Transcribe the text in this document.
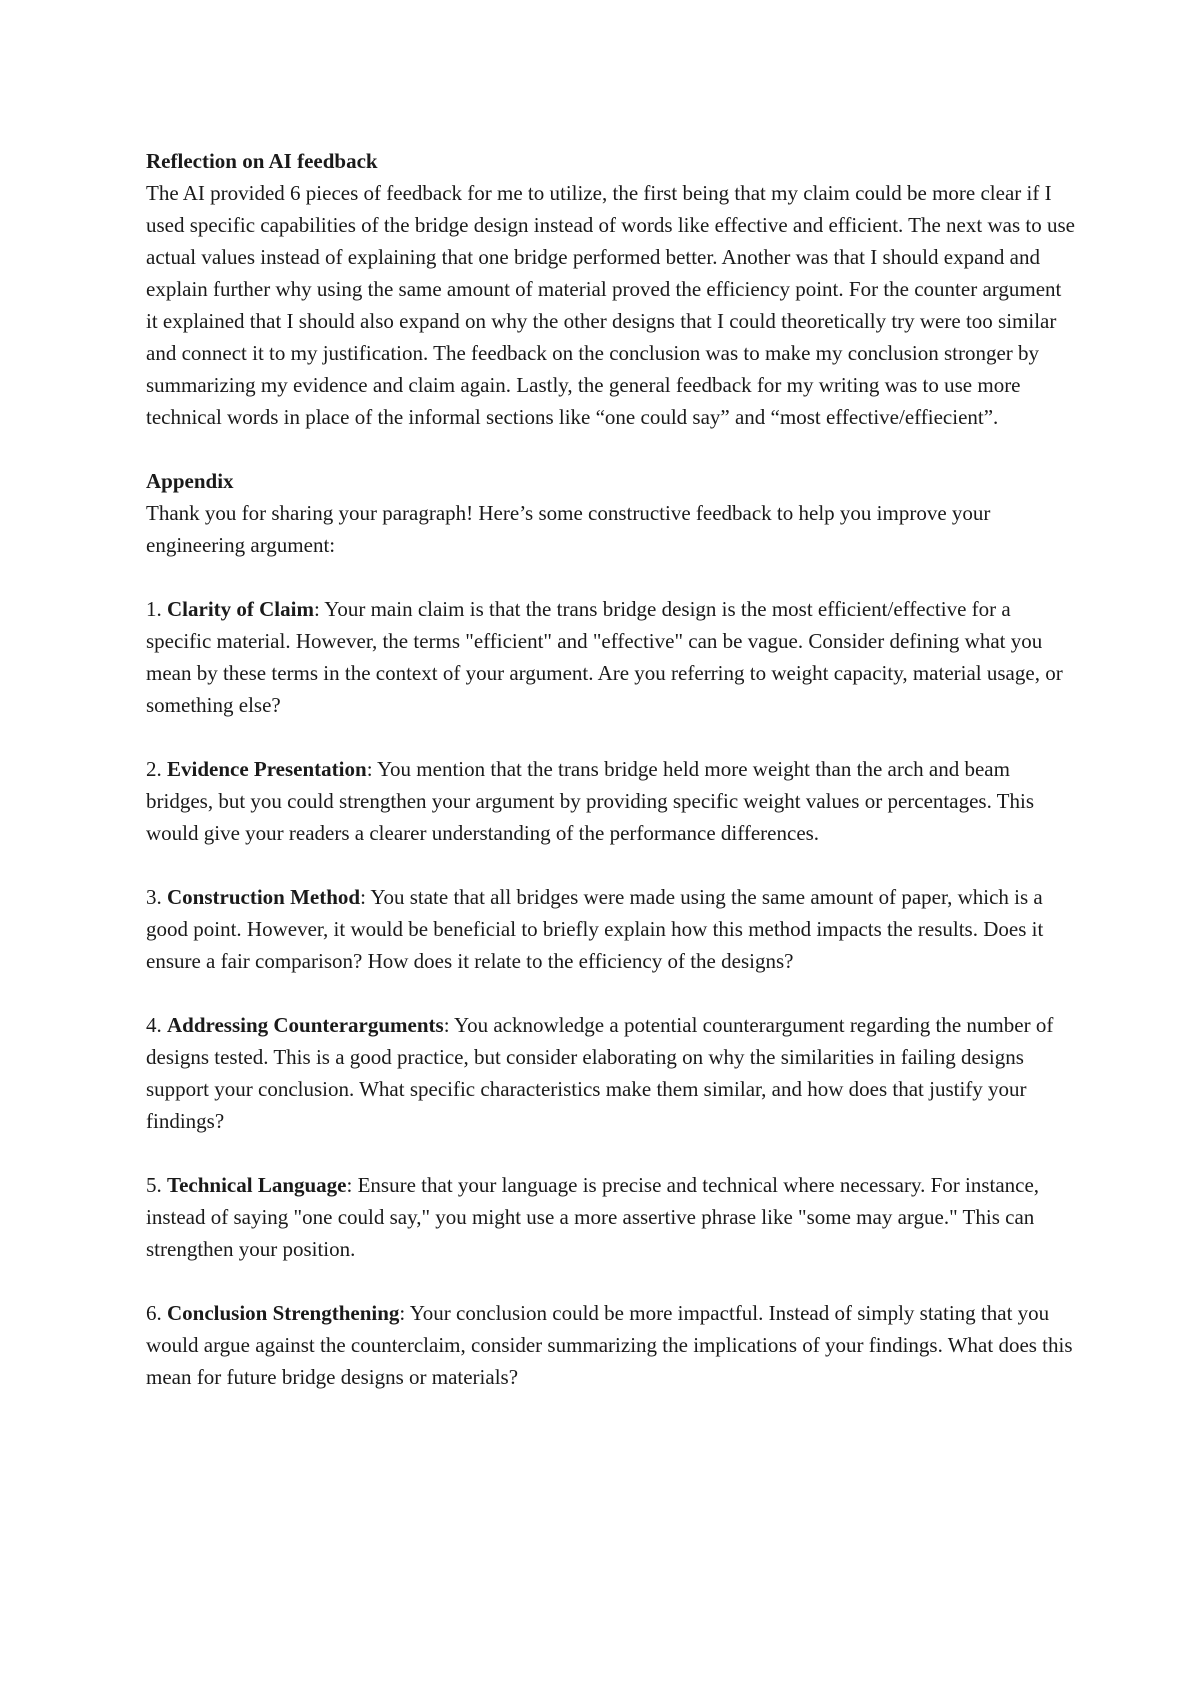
Reflection on AI feedback

The AI provided 6 pieces of feedback for me to utilize, the first being that my claim could be more clear if I used specific capabilities of the bridge design instead of words like effective and efficient. The next was to use actual values instead of explaining that one bridge performed better. Another was that I should expand and explain further why using the same amount of material proved the efficiency point. For the counter argument it explained that I should also expand on why the other designs that I could theoretically try were too similar and connect it to my justification. The feedback on the conclusion was to make my conclusion stronger by summarizing my evidence and claim again. Lastly, the general feedback for my writing was to use more technical words in place of the informal sections like “one could say” and “most effective/effiecient”.

Appendix

Thank you for sharing your paragraph! Here’s some constructive feedback to help you improve your engineering argument:

1. Clarity of Claim: Your main claim is that the trans bridge design is the most efficient/effective for a specific material. However, the terms "efficient" and "effective" can be vague. Consider defining what you mean by these terms in the context of your argument. Are you referring to weight capacity, material usage, or something else?

2. Evidence Presentation: You mention that the trans bridge held more weight than the arch and beam bridges, but you could strengthen your argument by providing specific weight values or percentages. This would give your readers a clearer understanding of the performance differences.

3. Construction Method: You state that all bridges were made using the same amount of paper, which is a good point. However, it would be beneficial to briefly explain how this method impacts the results. Does it ensure a fair comparison? How does it relate to the efficiency of the designs?

4. Addressing Counterarguments: You acknowledge a potential counterargument regarding the number of designs tested. This is a good practice, but consider elaborating on why the similarities in failing designs support your conclusion. What specific characteristics make them similar, and how does that justify your findings?

5. Technical Language: Ensure that your language is precise and technical where necessary. For instance, instead of saying "one could say," you might use a more assertive phrase like "some may argue." This can strengthen your position.

6. Conclusion Strengthening: Your conclusion could be more impactful. Instead of simply stating that you would argue against the counterclaim, consider summarizing the implications of your findings. What does this mean for future bridge designs or materials?
